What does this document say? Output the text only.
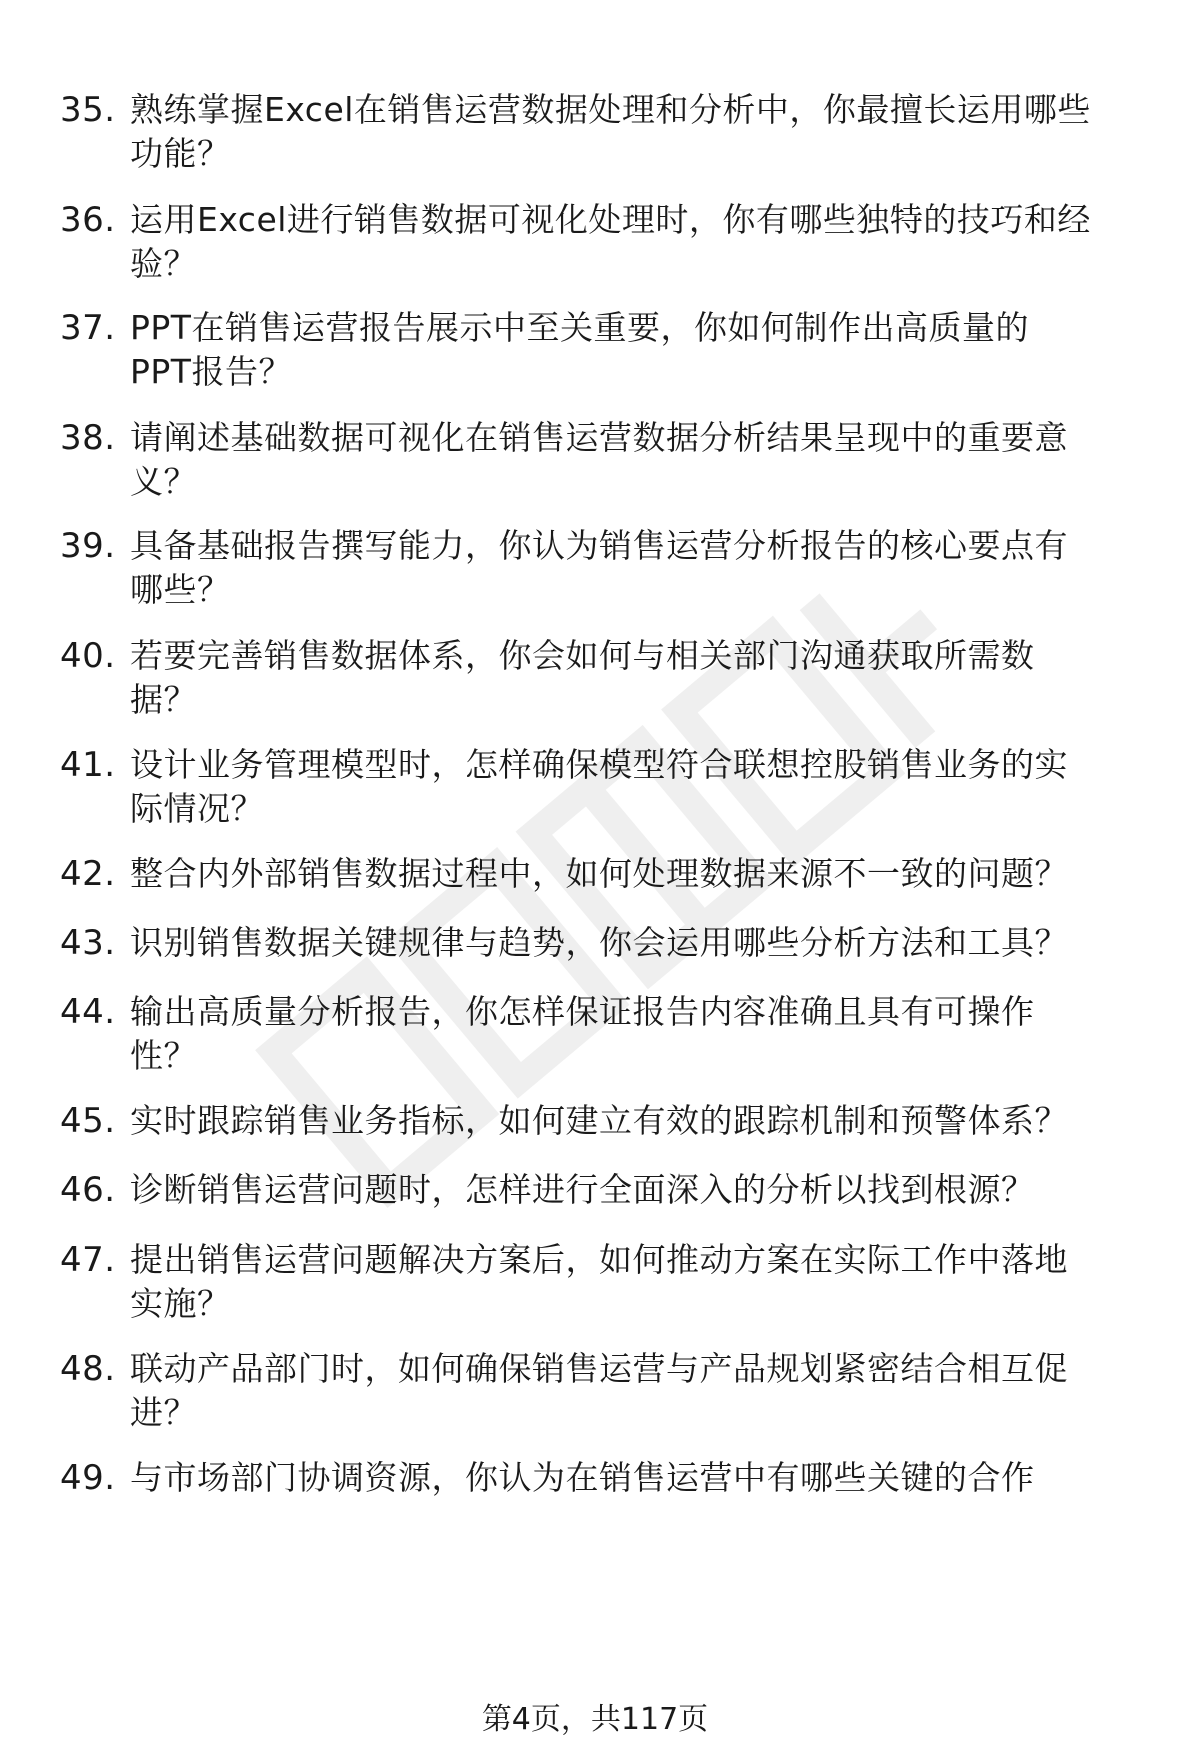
35. 熟练掌握Excel在销售运营数据处理和分析中，你最擅长运用哪些
功能？
36. 运用Excel进行销售数据可视化处理时，你有哪些独特的技巧和经
验？
37. PPT在销售运营报告展示中至关重要，你如何制作出高质量的
PPT报告？
38. 请阐述基础数据可视化在销售运营数据分析结果呈现中的重要意
义？
39. 具备基础报告撰写能力，你认为销售运营分析报告的核心要点有
哪些？
40. 若要完善销售数据体系，你会如何与相关部门沟通获取所需数
据？
41. 设计业务管理模型时，怎样确保模型符合联想控股销售业务的实
际情况？
42. 整合内外部销售数据过程中，如何处理数据来源不一致的问题？
43. 识别销售数据关键规律与趋势，你会运用哪些分析方法和工具？
44. 输出高质量分析报告，你怎样保证报告内容准确且具有可操作
性？
45. 实时跟踪销售业务指标，如何建立有效的跟踪机制和预警体系？
46. 诊断销售运营问题时，怎样进行全面深入的分析以找到根源？
47. 提出销售运营问题解决方案后，如何推动方案在实际工作中落地
实施？
48. 联动产品部门时，如何确保销售运营与产品规划紧密结合相互促
进？
49. 与市场部门协调资源，你认为在销售运营中有哪些关键的合作
第4页，共117页
